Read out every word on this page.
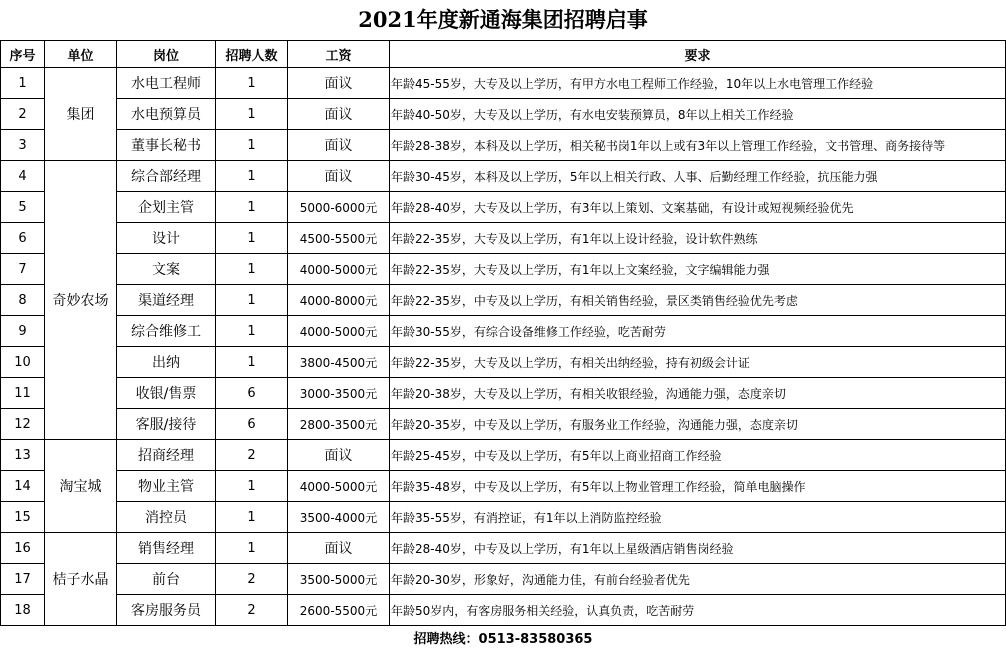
2021年度新通海集团招聘启事
序号	单位	岗位	招聘人数	工资	要求
1	集团	水电工程师	1	面议	年龄45-55岁，大专及以上学历，有甲方水电工程师工作经验，10年以上水电管理工作经验
2		水电预算员	1	面议	年龄40-50岁，大专及以上学历，有水电安装预算员，8年以上相关工作经验
3		董事长秘书	1	面议	年龄28-38岁，本科及以上学历，相关秘书岗1年以上或有3年以上管理工作经验，文书管理、商务接待等
4	奇妙农场	综合部经理	1	面议	年龄30-45岁，本科及以上学历，5年以上相关行政、人事、后勤经理工作经验，抗压能力强
5		企划主管	1	5000-6000元	年龄28-40岁，大专及以上学历，有3年以上策划、文案基础，有设计或短视频经验优先
6		设计	1	4500-5500元	年龄22-35岁，大专及以上学历，有1年以上设计经验，设计软件熟练
7		文案	1	4000-5000元	年龄22-35岁，大专及以上学历，有1年以上文案经验，文字编辑能力强
8		渠道经理	1	4000-8000元	年龄22-35岁，中专及以上学历，有相关销售经验，景区类销售经验优先考虑
9		综合维修工	1	4000-5000元	年龄30-55岁，有综合设备维修工作经验，吃苦耐劳
10		出纳	1	3800-4500元	年龄22-35岁，大专及以上学历，有相关出纳经验，持有初级会计证
11		收银/售票	6	3000-3500元	年龄20-38岁，大专及以上学历，有相关收银经验，沟通能力强，态度亲切
12		客服/接待	6	2800-3500元	年龄20-35岁，中专及以上学历，有服务业工作经验，沟通能力强，态度亲切
13	淘宝城	招商经理	2	面议	年龄25-45岁，中专及以上学历，有5年以上商业招商工作经验
14		物业主管	1	4000-5000元	年龄35-48岁，中专及以上学历，有5年以上物业管理工作经验，简单电脑操作
15		消控员	1	3500-4000元	年龄35-55岁，有消控证，有1年以上消防监控经验
16	桔子水晶	销售经理	1	面议	年龄28-40岁，中专及以上学历，有1年以上星级酒店销售岗经验
17		前台	2	3500-5000元	年龄20-30岁，形象好，沟通能力佳，有前台经验者优先
18		客房服务员	2	2600-5500元	年龄50岁内，有客房服务相关经验，认真负责，吃苦耐劳
招聘热线：0513-83580365
